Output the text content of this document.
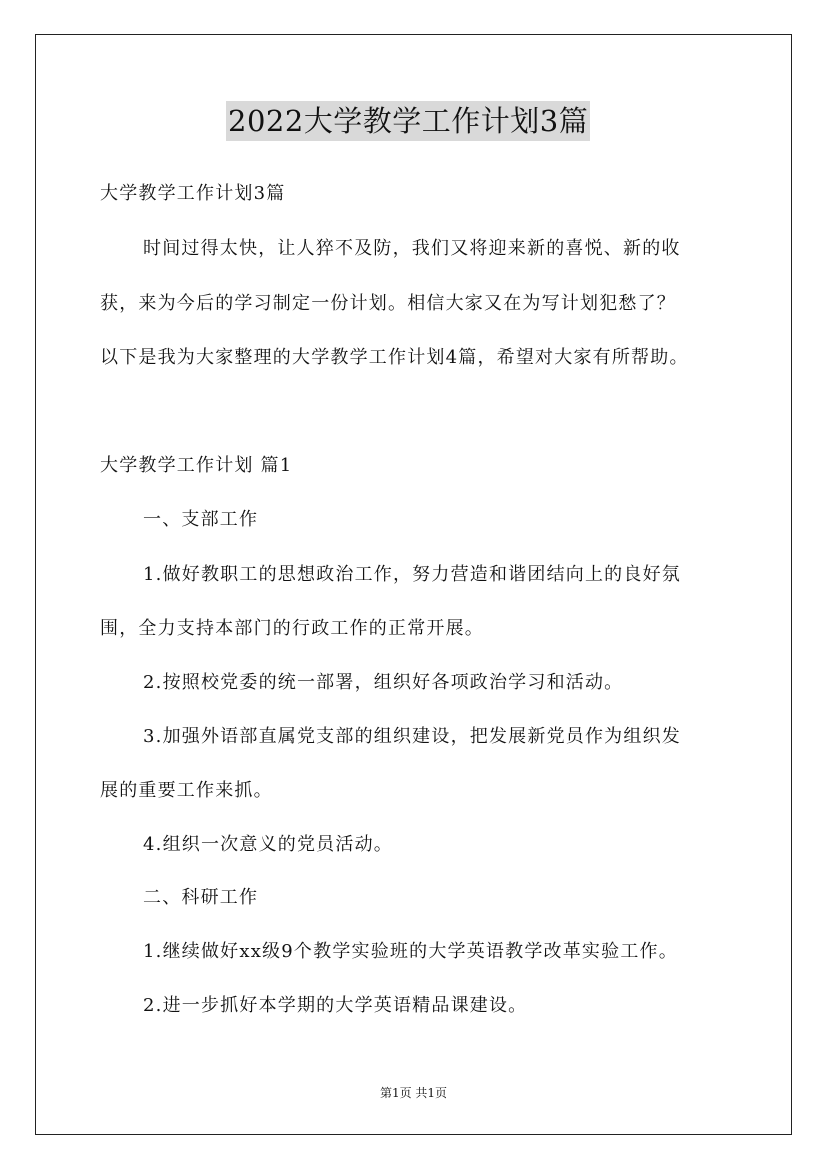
2022大学教学工作计划3篇
大学教学工作计划3篇
时间过得太快，让人猝不及防，我们又将迎来新的喜悦、新的收
获，来为今后的学习制定一份计划。相信大家又在为写计划犯愁了？
以下是我为大家整理的大学教学工作计划4篇，希望对大家有所帮助。
大学教学工作计划 篇1
一、支部工作
1.做好教职工的思想政治工作，努力营造和谐团结向上的良好氛
围，全力支持本部门的行政工作的正常开展。
2.按照校党委的统一部署，组织好各项政治学习和活动。
3.加强外语部直属党支部的组织建设，把发展新党员作为组织发
展的重要工作来抓。
4.组织一次意义的党员活动。
二、科研工作
1.继续做好xx级9个教学实验班的大学英语教学改革实验工作。
2.进一步抓好本学期的大学英语精品课建设。
第1页 共1页
